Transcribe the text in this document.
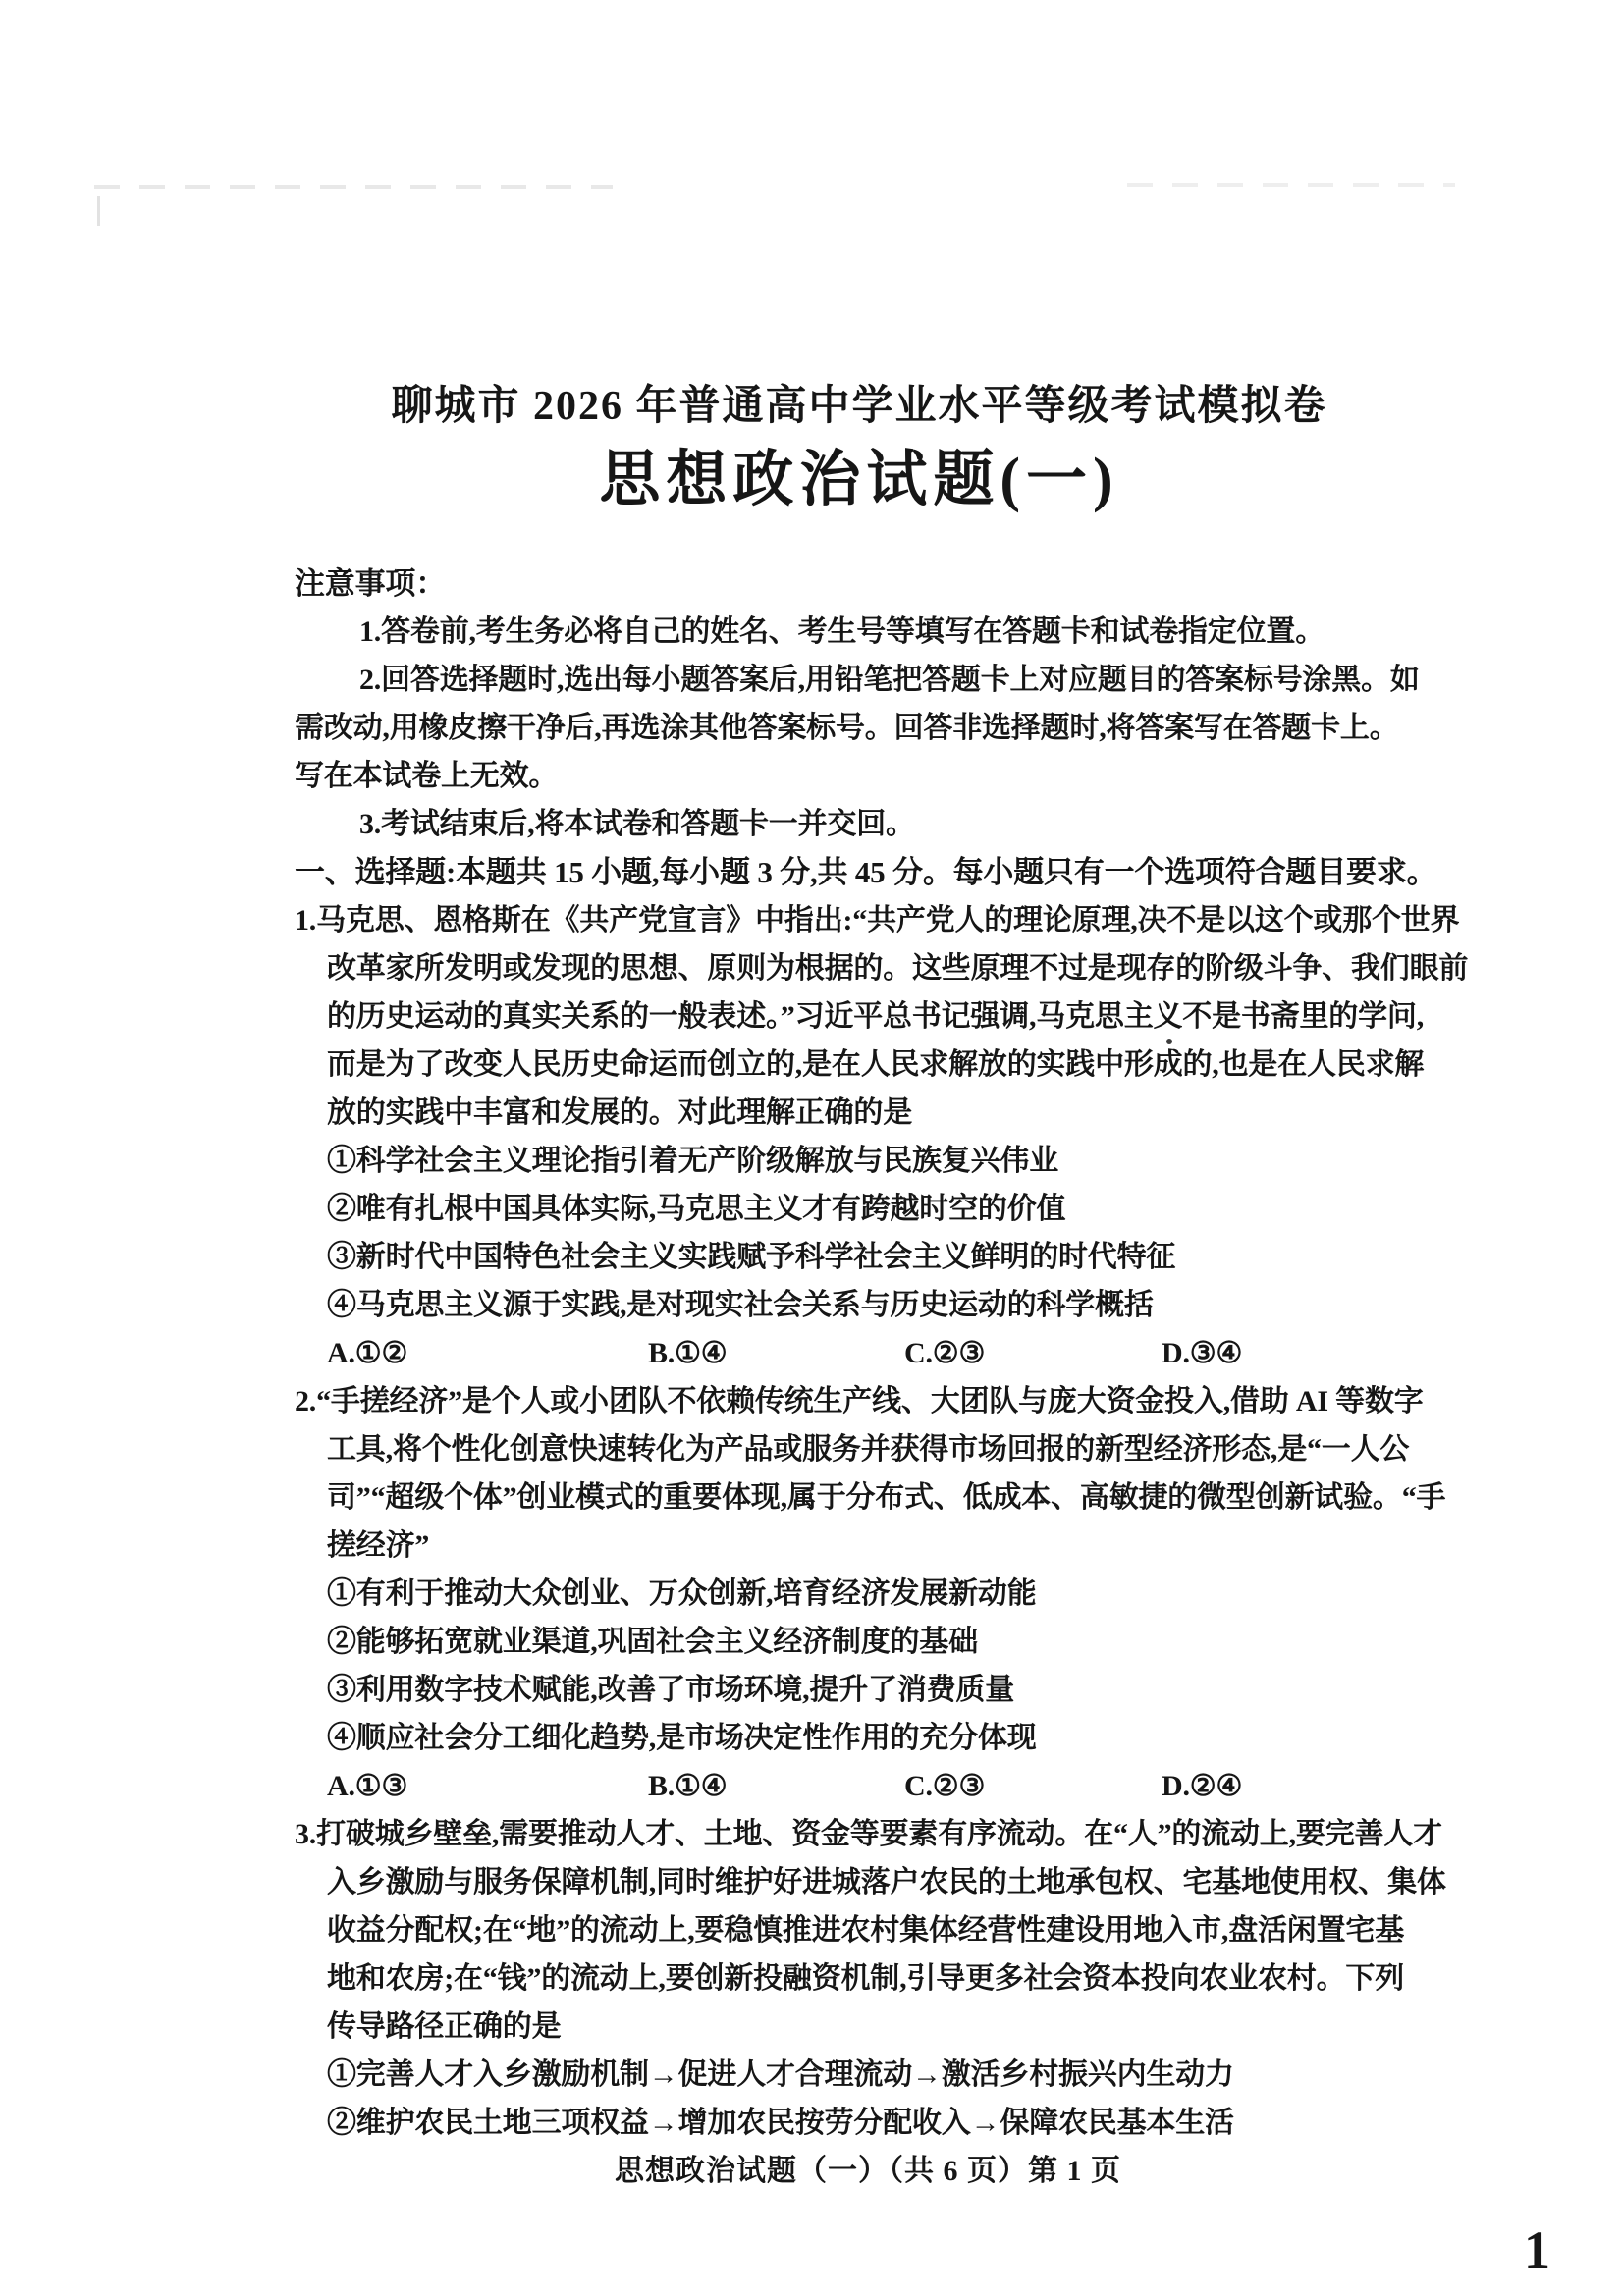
聊城市 2026 年普通高中学业水平等级考试模拟卷
思想政治试题(一)
注意事项：
1.答卷前,考生务必将自己的姓名、考生号等填写在答题卡和试卷指定位置。
2.回答选择题时,选出每小题答案后,用铅笔把答题卡上对应题目的答案标号涂黑。如
需改动,用橡皮擦干净后,再选涂其他答案标号。回答非选择题时,将答案写在答题卡上。
写在本试卷上无效。
3.考试结束后,将本试卷和答题卡一并交回。
一、选择题:本题共 15 小题,每小题 3 分,共 45 分。每小题只有一个选项符合题目要求。
1.马克思、恩格斯在《共产党宣言》中指出:“共产党人的理论原理,决不是以这个或那个世界
改革家所发明或发现的思想、原则为根据的。这些原理不过是现存的阶级斗争、我们眼前
的历史运动的真实关系的一般表述。”习近平总书记强调,马克思主义不是书斋里的学问,
而是为了改变人民历史命运而创立的,是在人民求解放的实践中形成的,也是在人民求解
放的实践中丰富和发展的。对此理解正确的是
①科学社会主义理论指引着无产阶级解放与民族复兴伟业
②唯有扎根中国具体实际,马克思主义才有跨越时空的价值
③新时代中国特色社会主义实践赋予科学社会主义鲜明的时代特征
④马克思主义源于实践,是对现实社会关系与历史运动的科学概括
A.①②	B.①④	C.②③	D.③④
2.“手搓经济”是个人或小团队不依赖传统生产线、大团队与庞大资金投入,借助 AI 等数字
工具,将个性化创意快速转化为产品或服务并获得市场回报的新型经济形态,是“一人公
司”“超级个体”创业模式的重要体现,属于分布式、低成本、高敏捷的微型创新试验。“手
搓经济”
①有利于推动大众创业、万众创新,培育经济发展新动能
②能够拓宽就业渠道,巩固社会主义经济制度的基础
③利用数字技术赋能,改善了市场环境,提升了消费质量
④顺应社会分工细化趋势,是市场决定性作用的充分体现
A.①③	B.①④	C.②③	D.②④
3.打破城乡壁垒,需要推动人才、土地、资金等要素有序流动。在“人”的流动上,要完善人才
入乡激励与服务保障机制,同时维护好进城落户农民的土地承包权、宅基地使用权、集体
收益分配权;在“地”的流动上,要稳慎推进农村集体经营性建设用地入市,盘活闲置宅基
地和农房;在“钱”的流动上,要创新投融资机制,引导更多社会资本投向农业农村。下列
传导路径正确的是
①完善人才入乡激励机制→促进人才合理流动→激活乡村振兴内生动力
②维护农民土地三项权益→增加农民按劳分配收入→保障农民基本生活
思想政治试题（一）（共 6 页）第 1 页
1
